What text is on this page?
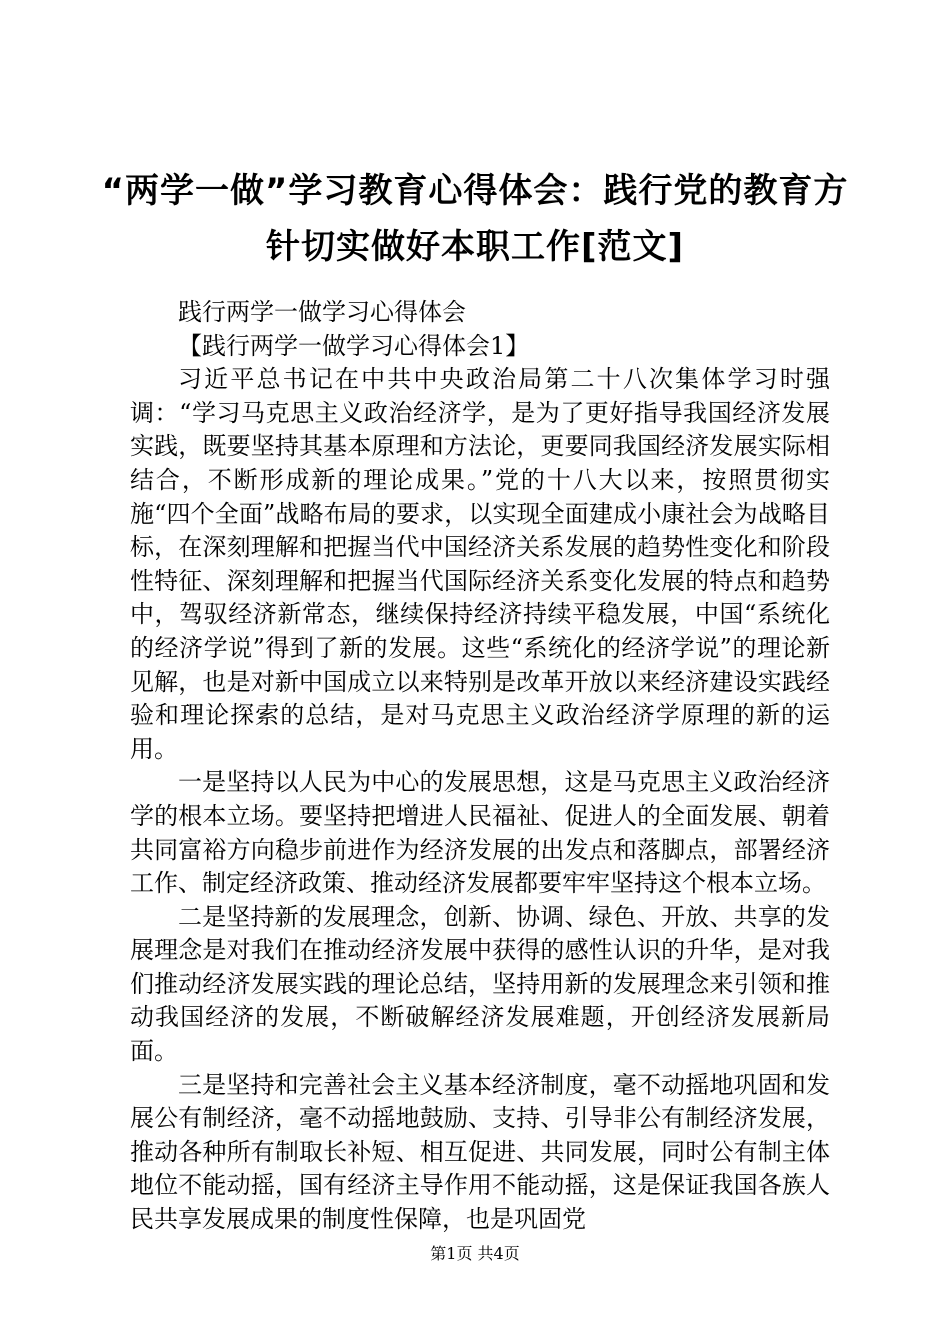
“两学一做”学习教育心得体会：践行党的教育方针切实做好本职工作[范文]

践行两学一做学习心得体会

【践行两学一做学习心得体会1】

习近平总书记在中共中央政治局第二十八次集体学习时强调：“学习马克思主义政治经济学，是为了更好指导我国经济发展实践，既要坚持其基本原理和方法论，更要同我国经济发展实际相结合，不断形成新的理论成果。”党的十八大以来，按照贯彻实施“四个全面”战略布局的要求，以实现全面建成小康社会为战略目标，在深刻理解和把握当代中国经济关系发展的趋势性变化和阶段性特征、深刻理解和把握当代国际经济关系变化发展的特点和趋势中，驾驭经济新常态，继续保持经济持续平稳发展，中国“系统化的经济学说”得到了新的发展。这些“系统化的经济学说”的理论新见解，也是对新中国成立以来特别是改革开放以来经济建设实践经验和理论探索的总结，是对马克思主义政治经济学原理的新的运用。

一是坚持以人民为中心的发展思想，这是马克思主义政治经济学的根本立场。要坚持把增进人民福祉、促进人的全面发展、朝着共同富裕方向稳步前进作为经济发展的出发点和落脚点，部署经济工作、制定经济政策、推动经济发展都要牢牢坚持这个根本立场。

二是坚持新的发展理念，创新、协调、绿色、开放、共享的发展理念是对我们在推动经济发展中获得的感性认识的升华，是对我们推动经济发展实践的理论总结，坚持用新的发展理念来引领和推动我国经济的发展，不断破解经济发展难题，开创经济发展新局面。

三是坚持和完善社会主义基本经济制度，毫不动摇地巩固和发展公有制经济，毫不动摇地鼓励、支持、引导非公有制经济发展，推动各种所有制取长补短、相互促进、共同发展，同时公有制主体地位不能动摇，国有经济主导作用不能动摇，这是保证我国各族人民共享发展成果的制度性保障，也是巩固党

第1页 共4页
